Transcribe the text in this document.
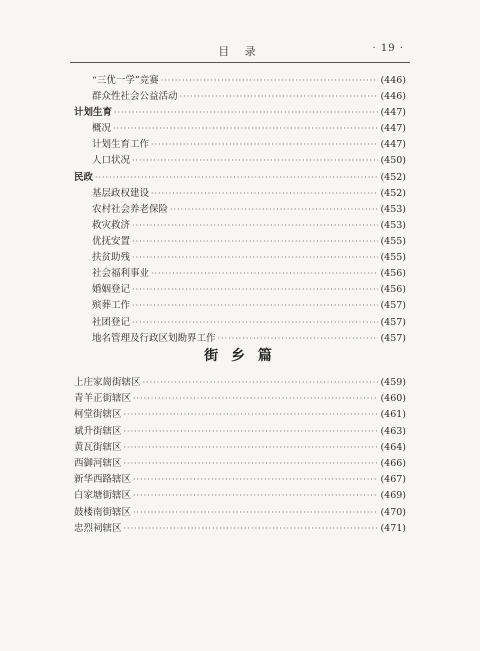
目 录	· 19 ·
“三优一学”竞赛 ·····	(446)
群众性社会公益活动 ·····	(446)
计划生育 ·····	(447)
概况 ·····	(447)
计划生育工作 ·····	(447)
人口状况 ·····	(450)
民政 ·····	(452)
基层政权建设 ·····	(452)
农村社会养老保险 ·····	(453)
救灾救济 ·····	(453)
优抚安置 ·····	(455)
扶贫助残 ·····	(455)
社会福利事业 ·····	(456)
婚姻登记 ·····	(456)
殡葬工作 ·····	(457)
社团登记 ·····	(457)
地名管理及行政区划勘界工作 ·····	(457)
街 乡 篇
上庄家崗街辖区 ·····	(459)
青羊正街辖区 ·····	(460)
柯堂街辖区 ·····	(461)
斌升街辖区 ·····	(463)
黄瓦街辖区 ·····	(464)
西御河辖区 ·····	(466)
新华西路辖区 ·····	(467)
白家塘街辖区 ·····	(469)
鼓楼南街辖区 ·····	(470)
忠烈祠辖区 ·····	(471)
